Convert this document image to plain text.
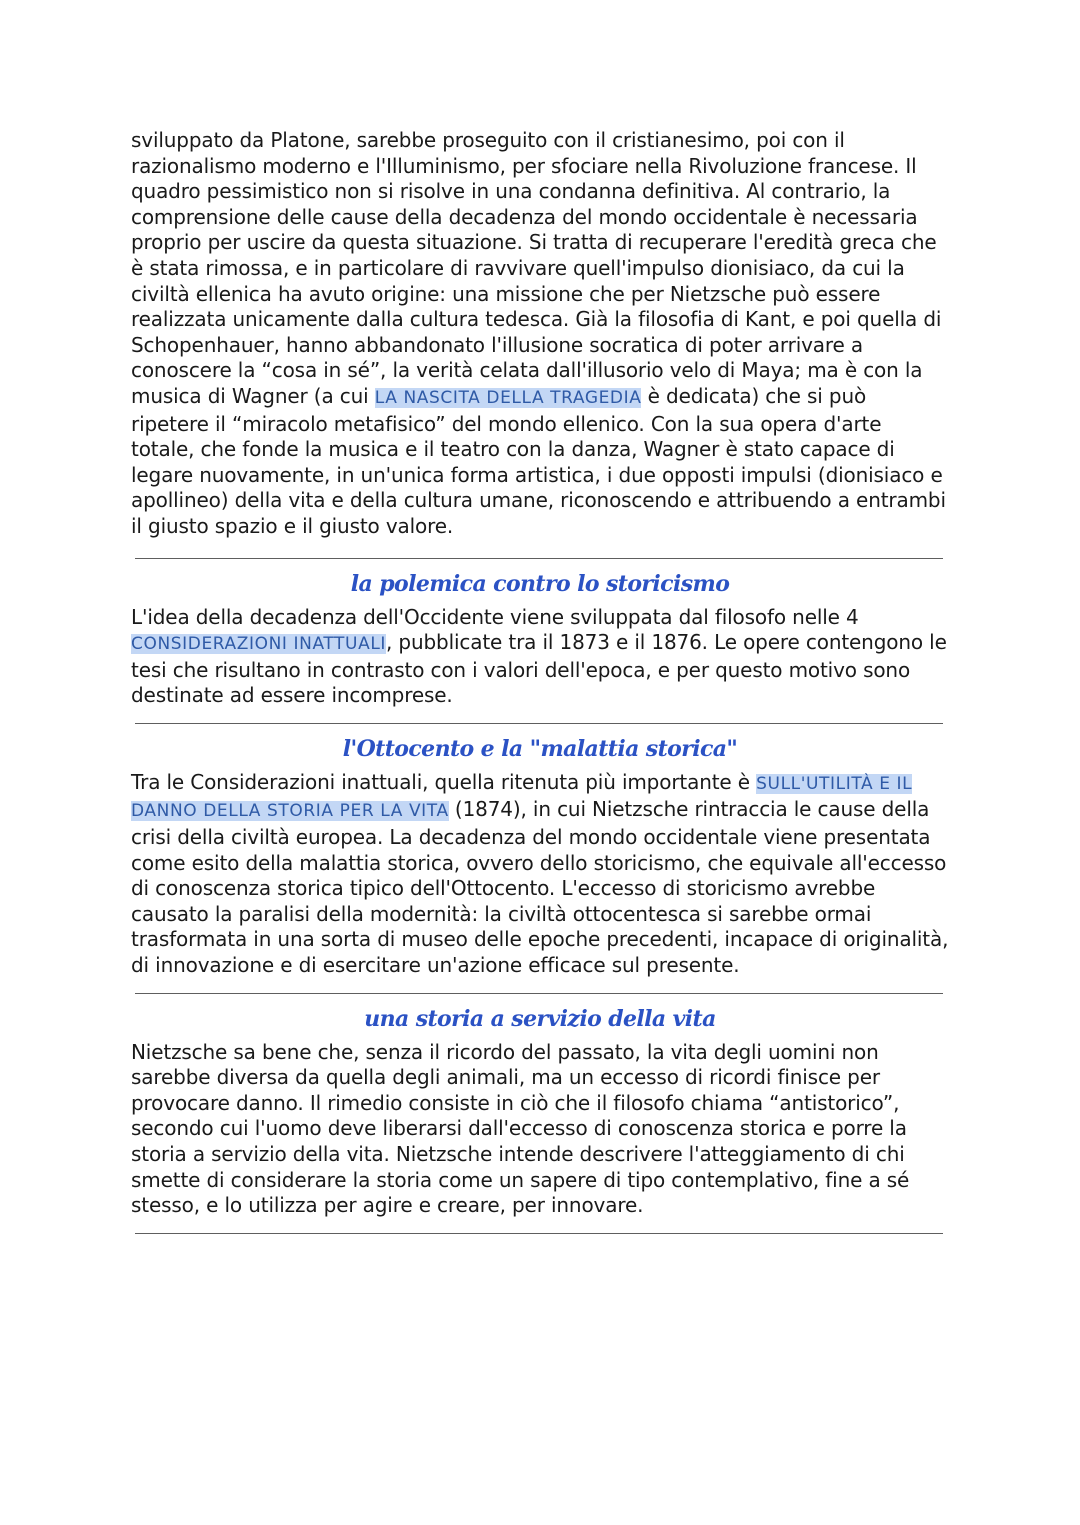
sviluppato da Platone, sarebbe proseguito con il cristianesimo, poi con il razionalismo moderno e l'Illuminismo, per sfociare nella Rivoluzione francese. Il quadro pessimistico non si risolve in una condanna definitiva. Al contrario, la comprensione delle cause della decadenza del mondo occidentale è necessaria proprio per uscire da questa situazione. Si tratta di recuperare l'eredità greca che è stata rimossa, e in particolare di ravvivare quell'impulso dionisiaco, da cui la civiltà ellenica ha avuto origine: una missione che per Nietzsche può essere realizzata unicamente dalla cultura tedesca. Già la filosofia di Kant, e poi quella di Schopenhauer, hanno abbandonato l'illusione socratica di poter arrivare a conoscere la “cosa in sé”, la verità celata dall'illusorio velo di Maya; ma è con la musica di Wagner (a cui LA NASCITA DELLA TRAGEDIA è dedicata) che si può ripetere il “miracolo metafisico” del mondo ellenico. Con la sua opera d'arte totale, che fonde la musica e il teatro con la danza, Wagner è stato capace di legare nuovamente, in un'unica forma artistica, i due opposti impulsi (dionisiaco e apollineo) della vita e della cultura umane, riconoscendo e attribuendo a entrambi il giusto spazio e il giusto valore.

la polemica contro lo storicismo

L'idea della decadenza dell'Occidente viene sviluppata dal filosofo nelle 4 CONSIDERAZIONI INATTUALI, pubblicate tra il 1873 e il 1876. Le opere contengono le tesi che risultano in contrasto con i valori dell'epoca, e per questo motivo sono destinate ad essere incomprese.

l'Ottocento e la "malattia storica"

Tra le Considerazioni inattuali, quella ritenuta più importante è SULL'UTILITÀ E IL DANNO DELLA STORIA PER LA VITA (1874), in cui Nietzsche rintraccia le cause della crisi della civiltà europea. La decadenza del mondo occidentale viene presentata come esito della malattia storica, ovvero dello storicismo, che equivale all'eccesso di conoscenza storica tipico dell'Ottocento. L'eccesso di storicismo avrebbe causato la paralisi della modernità: la civiltà ottocentesca si sarebbe ormai trasformata in una sorta di museo delle epoche precedenti, incapace di originalità, di innovazione e di esercitare un'azione efficace sul presente.

una storia a servizio della vita

Nietzsche sa bene che, senza il ricordo del passato, la vita degli uomini non sarebbe diversa da quella degli animali, ma un eccesso di ricordi finisce per provocare danno. Il rimedio consiste in ciò che il filosofo chiama “antistorico”, secondo cui l'uomo deve liberarsi dall'eccesso di conoscenza storica e porre la storia a servizio della vita. Nietzsche intende descrivere l'atteggiamento di chi smette di considerare la storia come un sapere di tipo contemplativo, fine a sé stesso, e lo utilizza per agire e creare, per innovare.
